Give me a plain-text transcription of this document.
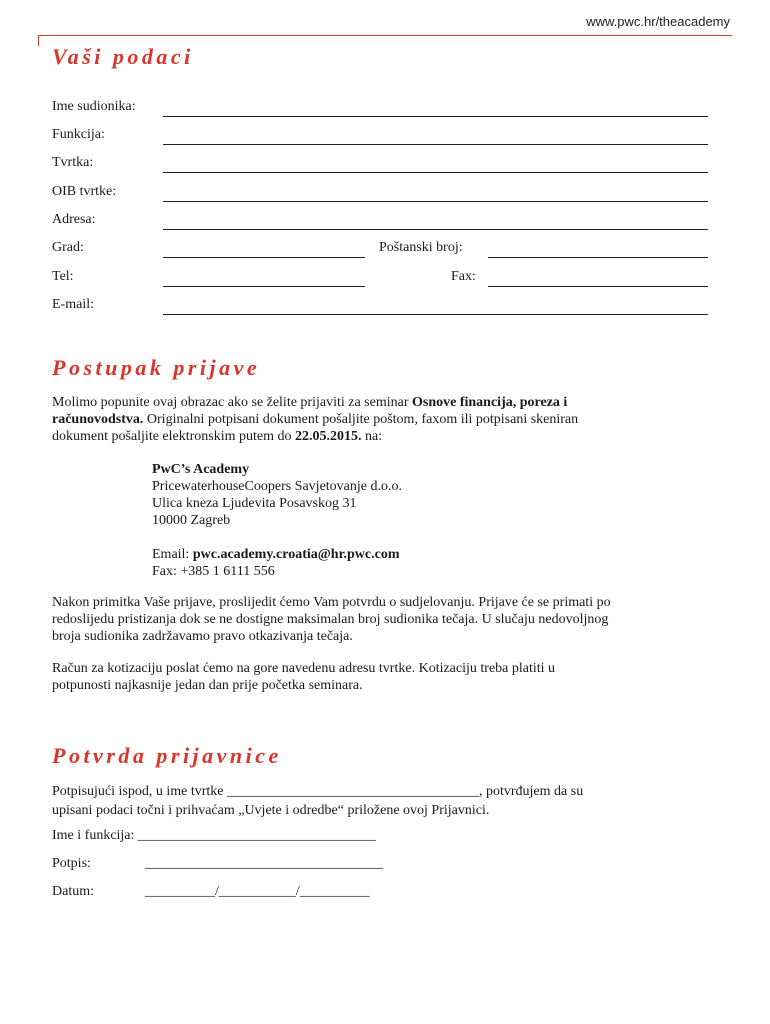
www.pwc.hr/theacademy
Vaši podaci
Ime sudionika:
Funkcija:
Tvrtka:
OIB tvrtke:
Adresa:
Grad:	Poštanski broj:
Tel:	Fax:
E-mail:
Postupak prijave

Molimo popunite ovaj obrazac ako se želite prijaviti za seminar Osnove financija, poreza i
računovodstva. Originalni potpisani dokument pošaljite poštom, faxom ili potpisani skeniran
dokument pošaljite elektronskim putem do 22.05.2015. na:

PwC’s Academy
PricewaterhouseCoopers Savjetovanje d.o.o.
Ulica kneza Ljudevita Posavskog 31
10000 Zagreb
Email: pwc.academy.croatia@hr.pwc.com
Fax: +385 1 6111 556

Nakon primitka Vaše prijave, proslijedit ćemo Vam potvrdu o sudjelovanju. Prijave će se primati po
redoslijedu pristizanja dok se ne dostigne maksimalan broj sudionika tečaja. U slučaju nedovoljnog
broja sudionika zadržavamo pravo otkazivanja tečaja.

Račun za kotizaciju poslat ćemo na gore navedenu adresu tvrtke. Kotizaciju treba platiti u
potpunosti najkasnije jedan dan prije početka seminara.

Potvrda prijavnice

Potpisujući ispod, u ime tvrtke ____________________________________, potvrđujem da su
upisani podaci točni i prihvaćam „Uvjete i odredbe“ priložene ovoj Prijavnici.

Ime i funkcija: __________________________________
Potpis:	__________________________________
Datum:	__________/___________/__________
